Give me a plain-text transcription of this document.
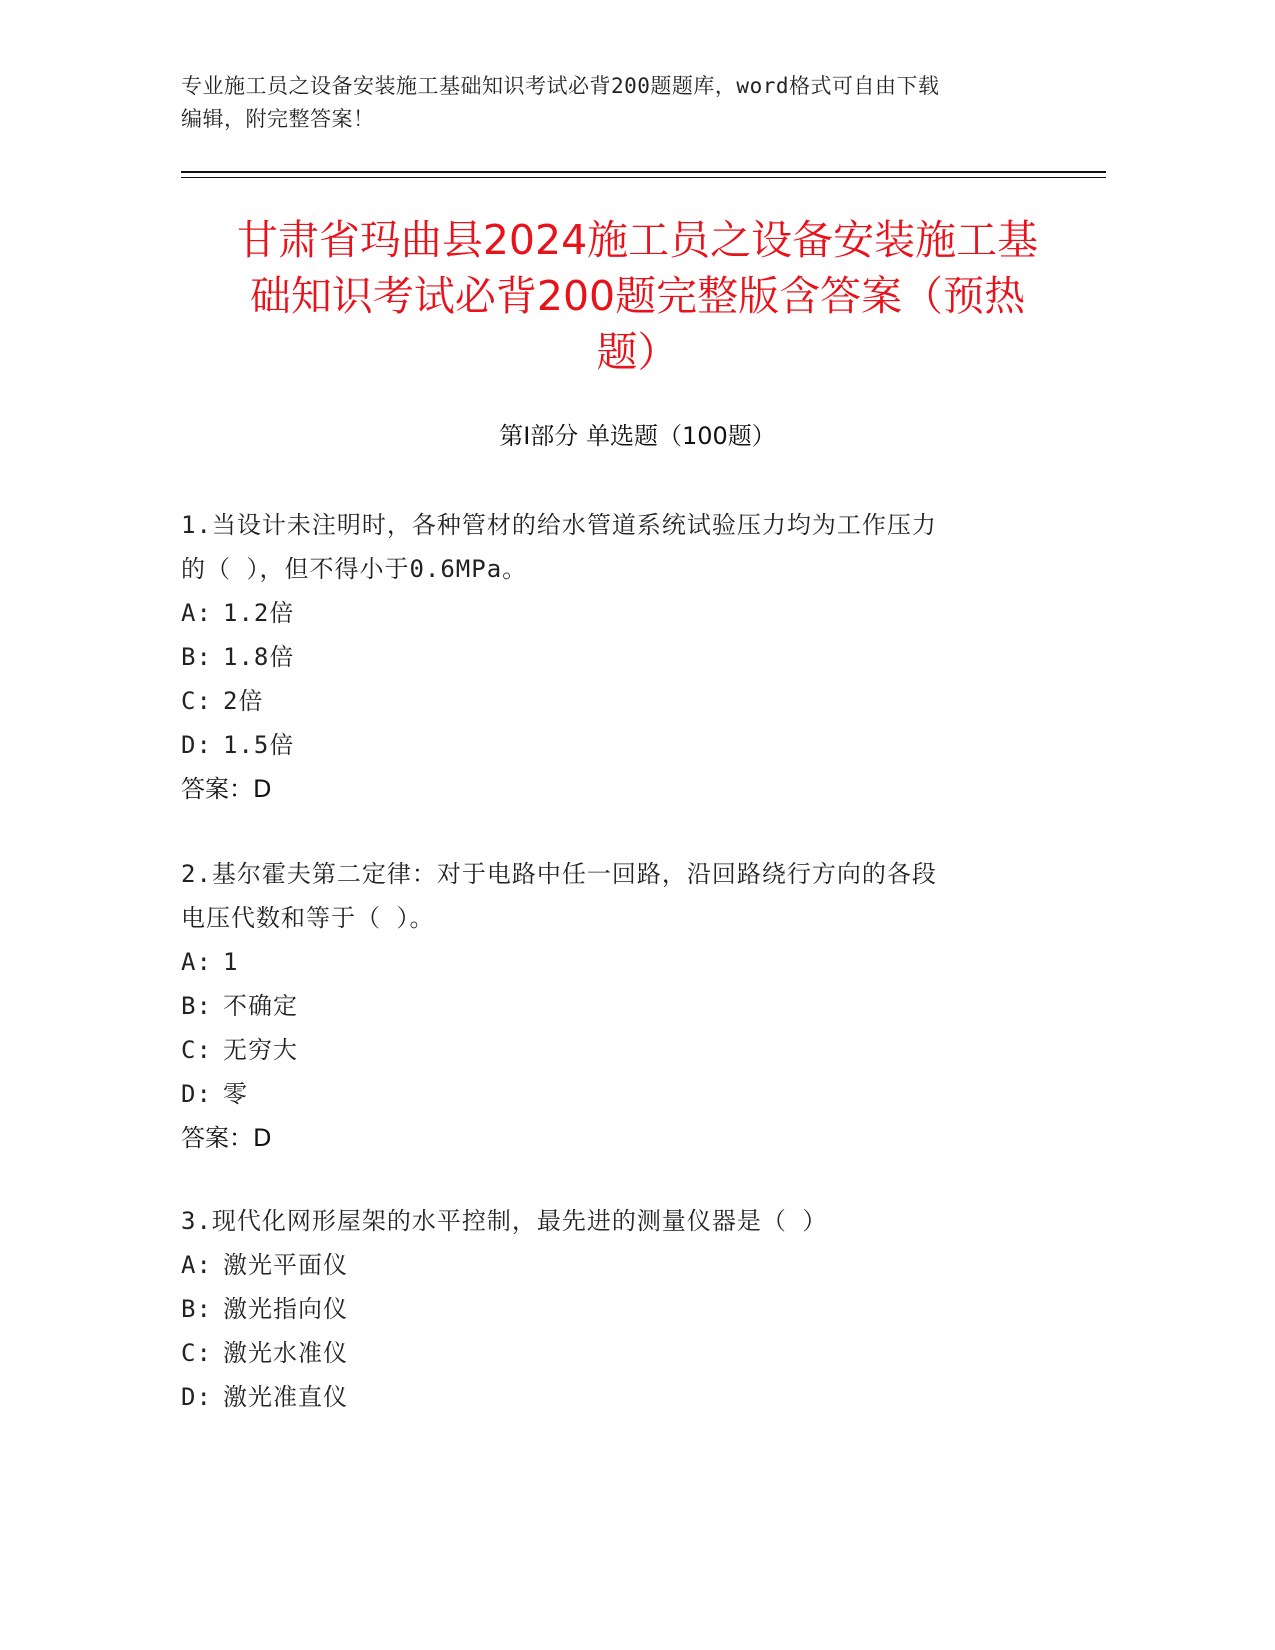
专业施工员之设备安装施工基础知识考试必背200题题库，word格式可自由下载
编辑，附完整答案！
甘肃省玛曲县2024施工员之设备安装施工基
础知识考试必背200题完整版含答案（预热
题）
第Ⅰ部分 单选题（100题）

1.当设计未注明时，各种管材的给水管道系统试验压力均为工作压力

的（ ），但不得小于0.6MPa。

A: 1.2倍

B: 1.8倍

C: 2倍

D: 1.5倍

答案：D

2.基尔霍夫第二定律：对于电路中任一回路，沿回路绕行方向的各段

电压代数和等于（ ）。

A: 1

B: 不确定

C: 无穷大

D: 零

答案：D

3.现代化网形屋架的水平控制，最先进的测量仪器是（ ）

A: 激光平面仪

B: 激光指向仪

C: 激光水准仪

D: 激光准直仪
